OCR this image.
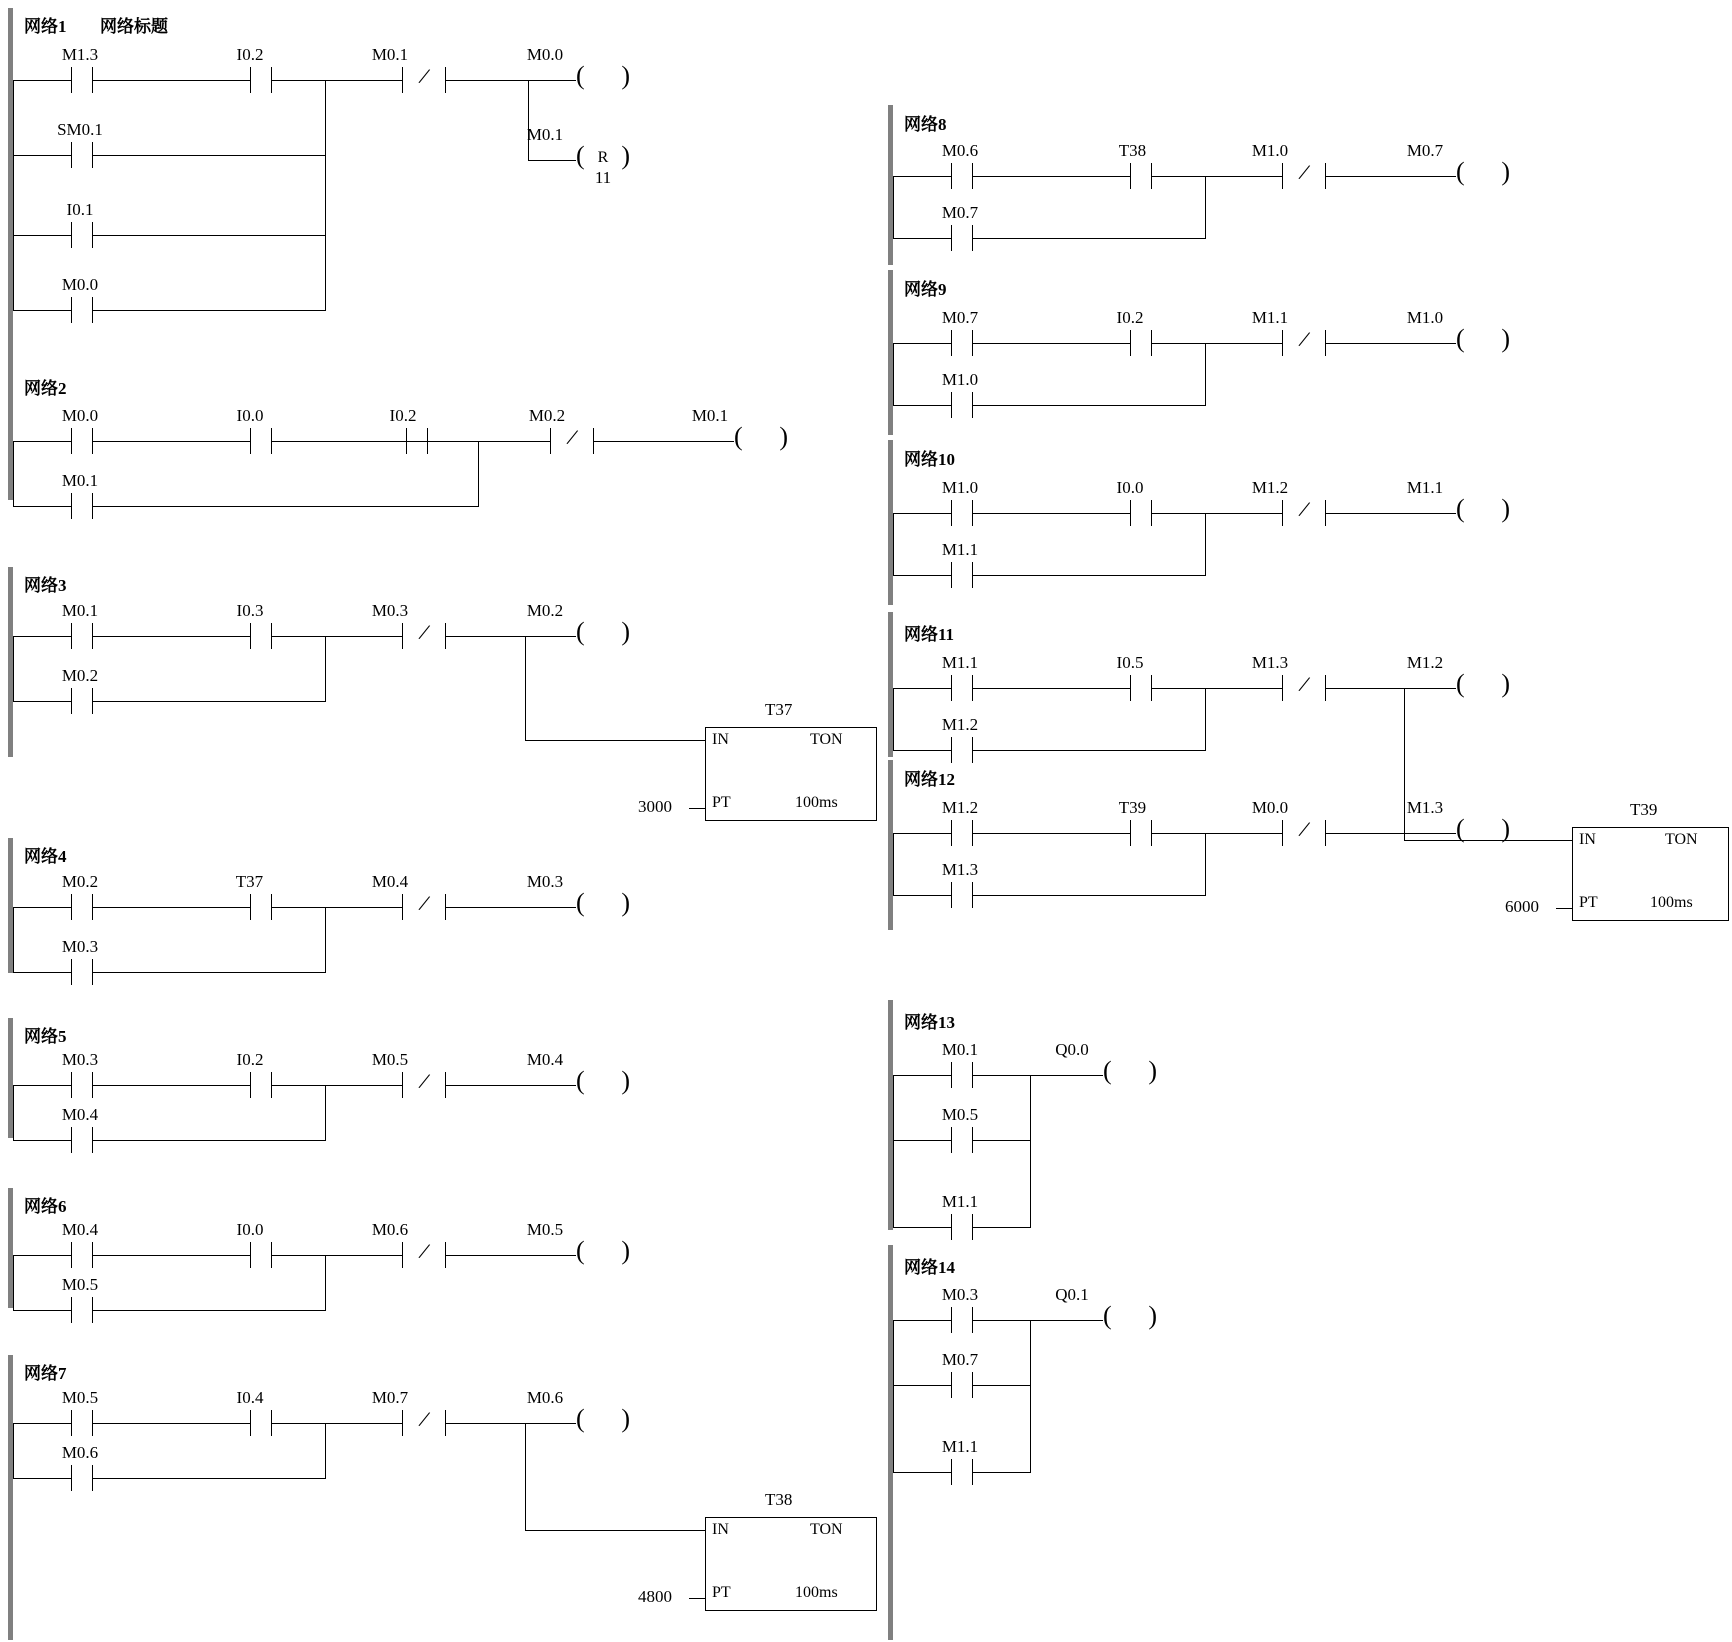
网络1 网络标题
M1.3	I0.2	M0.1
/
M0.0
( )
M0.1
( )
R
11
SM0.1
I0.1
M0.0
网络2
M0.0	I0.0	I0.2	M0.2
/
M0.1
( )
M0.1
网络3
M0.1	I0.3	M0.3
/
M0.2
( )
M0.2
T37
IN	TON
PT	100ms
3000
网络4
M0.2	T37	M0.4
/
M0.3
( )
M0.3
网络5
M0.3	I0.2	M0.5
/
M0.4
( )
M0.4
网络6
M0.4	I0.0	M0.6
/
M0.5
( )
M0.5
网络7
M0.5	I0.4	M0.7
/
M0.6
( )
M0.6
T38
IN	TON
PT	100ms
4800
网络8
M0.6	T38	M1.0
/
M0.7
( )
M0.7
网络9
M0.7	I0.2	M1.1
/
M1.0
( )
M1.0
网络10
M1.0	I0.0	M1.2
/
M1.1
( )
M1.1
网络11
M1.1	I0.5	M1.3
/
M1.2
( )
M1.2
T39
IN	TON
PT	100ms
6000
网络12
M1.2	T39	M0.0
/
M1.3
( )
M1.3
网络13
M0.1	Q0.0
( )
M0.5
M1.1
网络14
M0.3	Q0.1
( )
M0.7
M1.1
